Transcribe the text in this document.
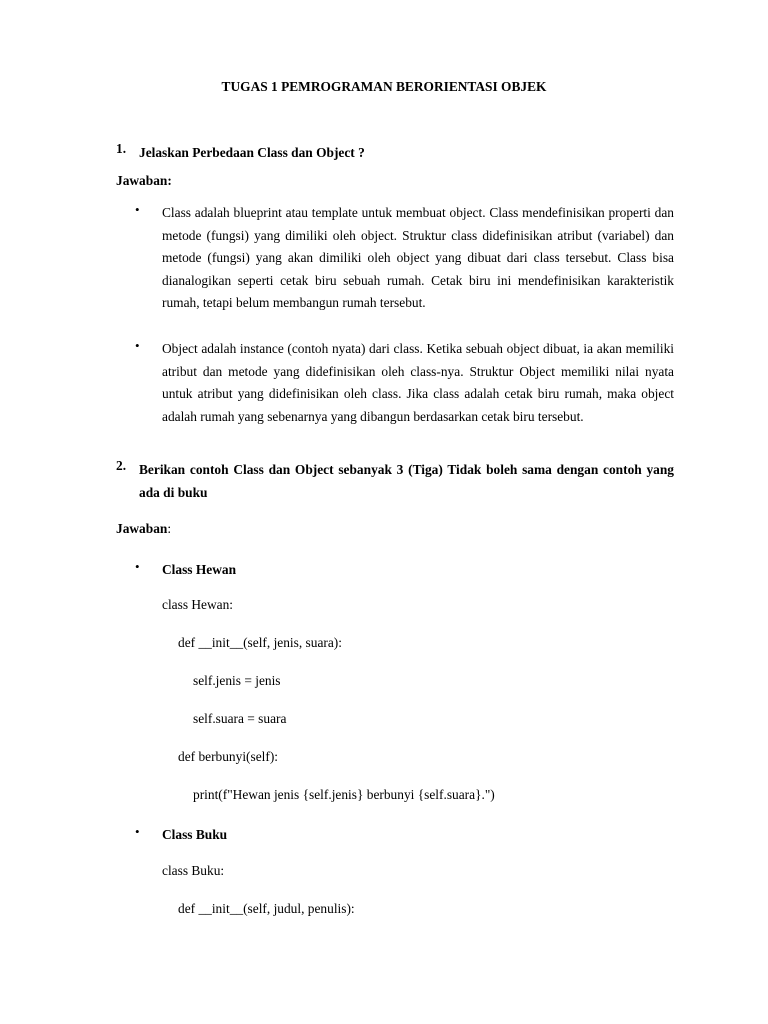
TUGAS 1 PEMROGRAMAN BERORIENTASI OBJEK
1. Jelaskan Perbedaan Class dan Object ?

Jawaban:

• Class adalah blueprint atau template untuk membuat object. Class mendefinisikan properti dan metode (fungsi) yang dimiliki oleh object. Struktur class didefinisikan atribut (variabel) dan metode (fungsi) yang akan dimiliki oleh object yang dibuat dari class tersebut. Class bisa dianalogikan seperti cetak biru sebuah rumah. Cetak biru ini mendefinisikan karakteristik rumah, tetapi belum membangun rumah tersebut.
• Object adalah instance (contoh nyata) dari class. Ketika sebuah object dibuat, ia akan memiliki atribut dan metode yang didefinisikan oleh class-nya. Struktur Object memiliki nilai nyata untuk atribut yang didefinisikan oleh class. Jika class adalah cetak biru rumah, maka object adalah rumah yang sebenarnya yang dibangun berdasarkan cetak biru tersebut.
2. Berikan contoh Class dan Object sebanyak 3 (Tiga) Tidak boleh sama dengan contoh yang ada di buku

Jawaban:

• Class Hewan

class Hewan:

def __init__(self, jenis, suara):

self.jenis = jenis

self.suara = suara

def berbunyi(self):

print(f"Hewan jenis {self.jenis} berbunyi {self.suara}.")

• Class Buku

class Buku:

def __init__(self, judul, penulis):
